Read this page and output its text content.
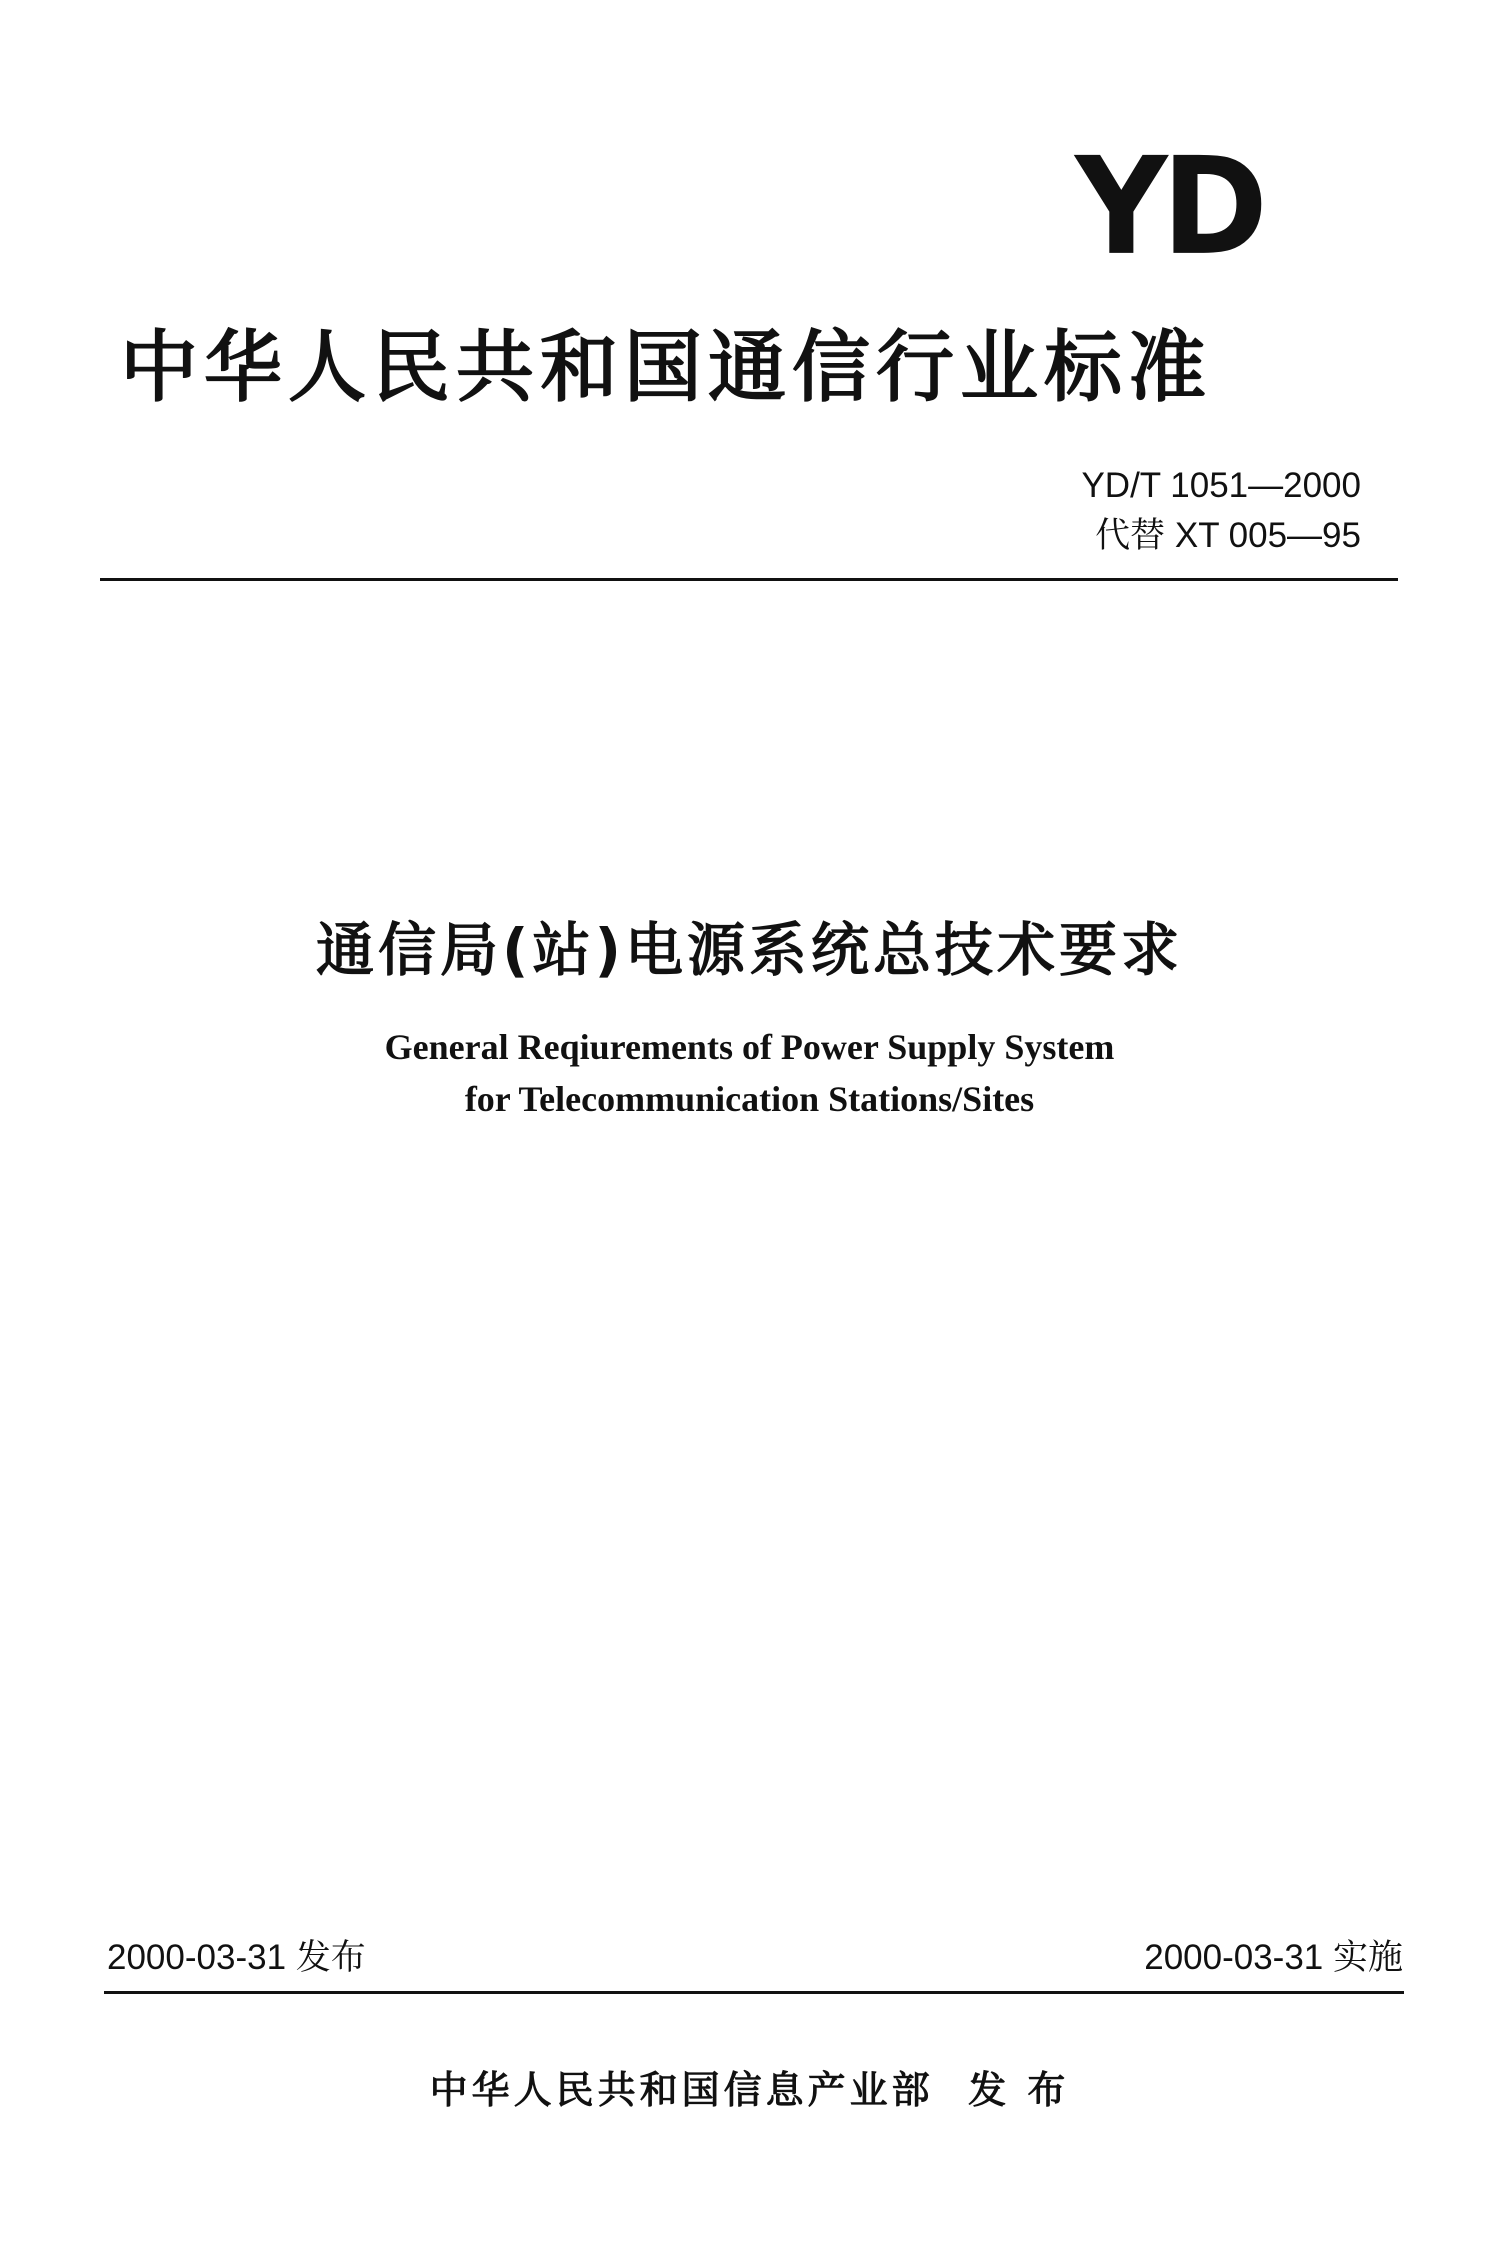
YD
中华人民共和国通信行业标准
YD/T 1051—2000
代替 XT 005—95
通信局(站)电源系统总技术要求
General Reqiurements of Power Supply System
for Telecommunication Stations/Sites
2000-03-31 发布	2000-03-31 实施
中华人民共和国信息产业部  发 布
